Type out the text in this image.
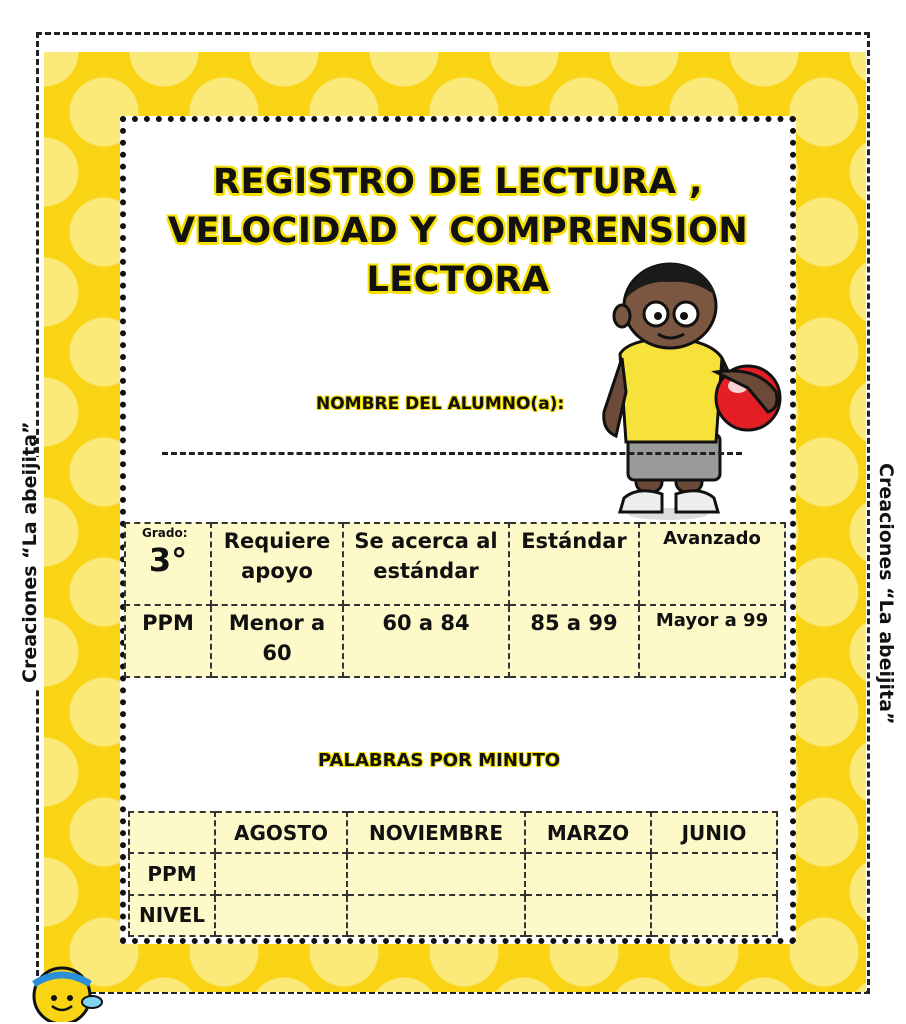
REGISTRO DE LECTURA ,
VELOCIDAD Y COMPRENSION
LECTORA
NOMBRE DEL ALUMNO(a):
Grado:
3°	Requiere apoyo	Se acerca al estándar	Estándar	Avanzado
PPM	Menor a 60	60 a 84	85 a 99	Mayor a 99
PALABRAS POR MINUTO
	AGOSTO	NOVIEMBRE	MARZO	JUNIO
PPM				
NIVEL				
Creaciones “La abeijita”	Creaciones “La abeijita”
